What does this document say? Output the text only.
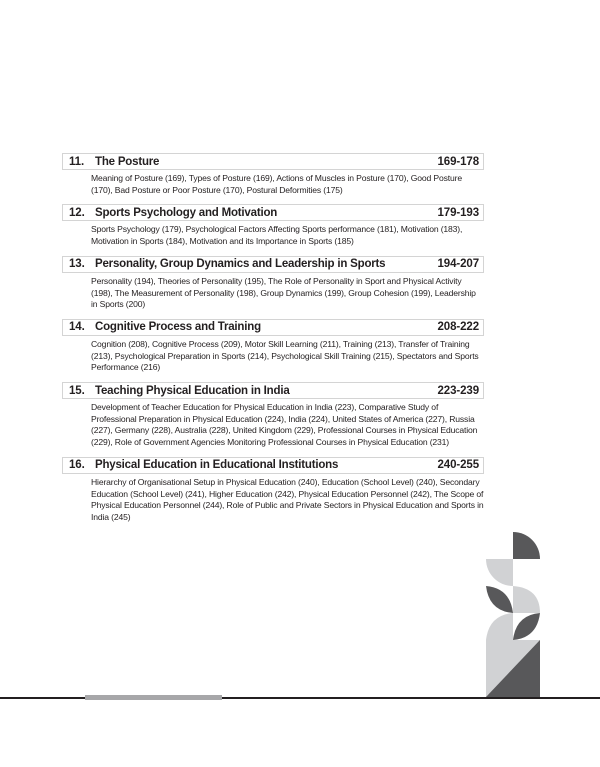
11. The Posture	169-178
Meaning of Posture (169), Types of Posture (169), Actions of Muscles in Posture (170), Good Posture (170), Bad Posture or Poor Posture (170), Postural Deformities (175)
12. Sports Psychology and Motivation	179-193
Sports Psychology (179), Psychological Factors Affecting Sports performance (181), Motivation (183), Motivation in Sports (184), Motivation and its Importance in Sports (185)
13. Personality, Group Dynamics and Leadership in Sports	194-207
Personality (194), Theories of Personality (195), The Role of Personality in Sport and Physical Activity (198), The Measurement of Personality (198), Group Dynamics (199), Group Cohesion (199), Leadership in Sports (200)
14. Cognitive Process and Training	208-222
Cognition (208), Cognitive Process (209), Motor Skill Learning (211), Training (213), Transfer of Training (213), Psychological Preparation in Sports (214), Psychological Skill Training (215), Spectators and Sports Performance (216)
15. Teaching Physical Education in India	223-239
Development of Teacher Education for Physical Education in India (223), Comparative Study of Professional Preparation in Physical Education (224), India (224), United States of America (227), Russia (227), Germany (228), Australia (228), United Kingdom (229), Professional Courses in Physical Education (229), Role of Government Agencies Monitoring Professional Courses in Physical Education (231)
16. Physical Education in Educational Institutions	240-255
Hierarchy of Organisational Setup in Physical Education (240), Education (School Level) (240), Secondary Education (School Level) (241), Higher Education (242), Physical Education Personnel (242), The Scope of Physical Education Personnel (244), Role of Public and Private Sectors in Physical Education and Sports in India (245)
